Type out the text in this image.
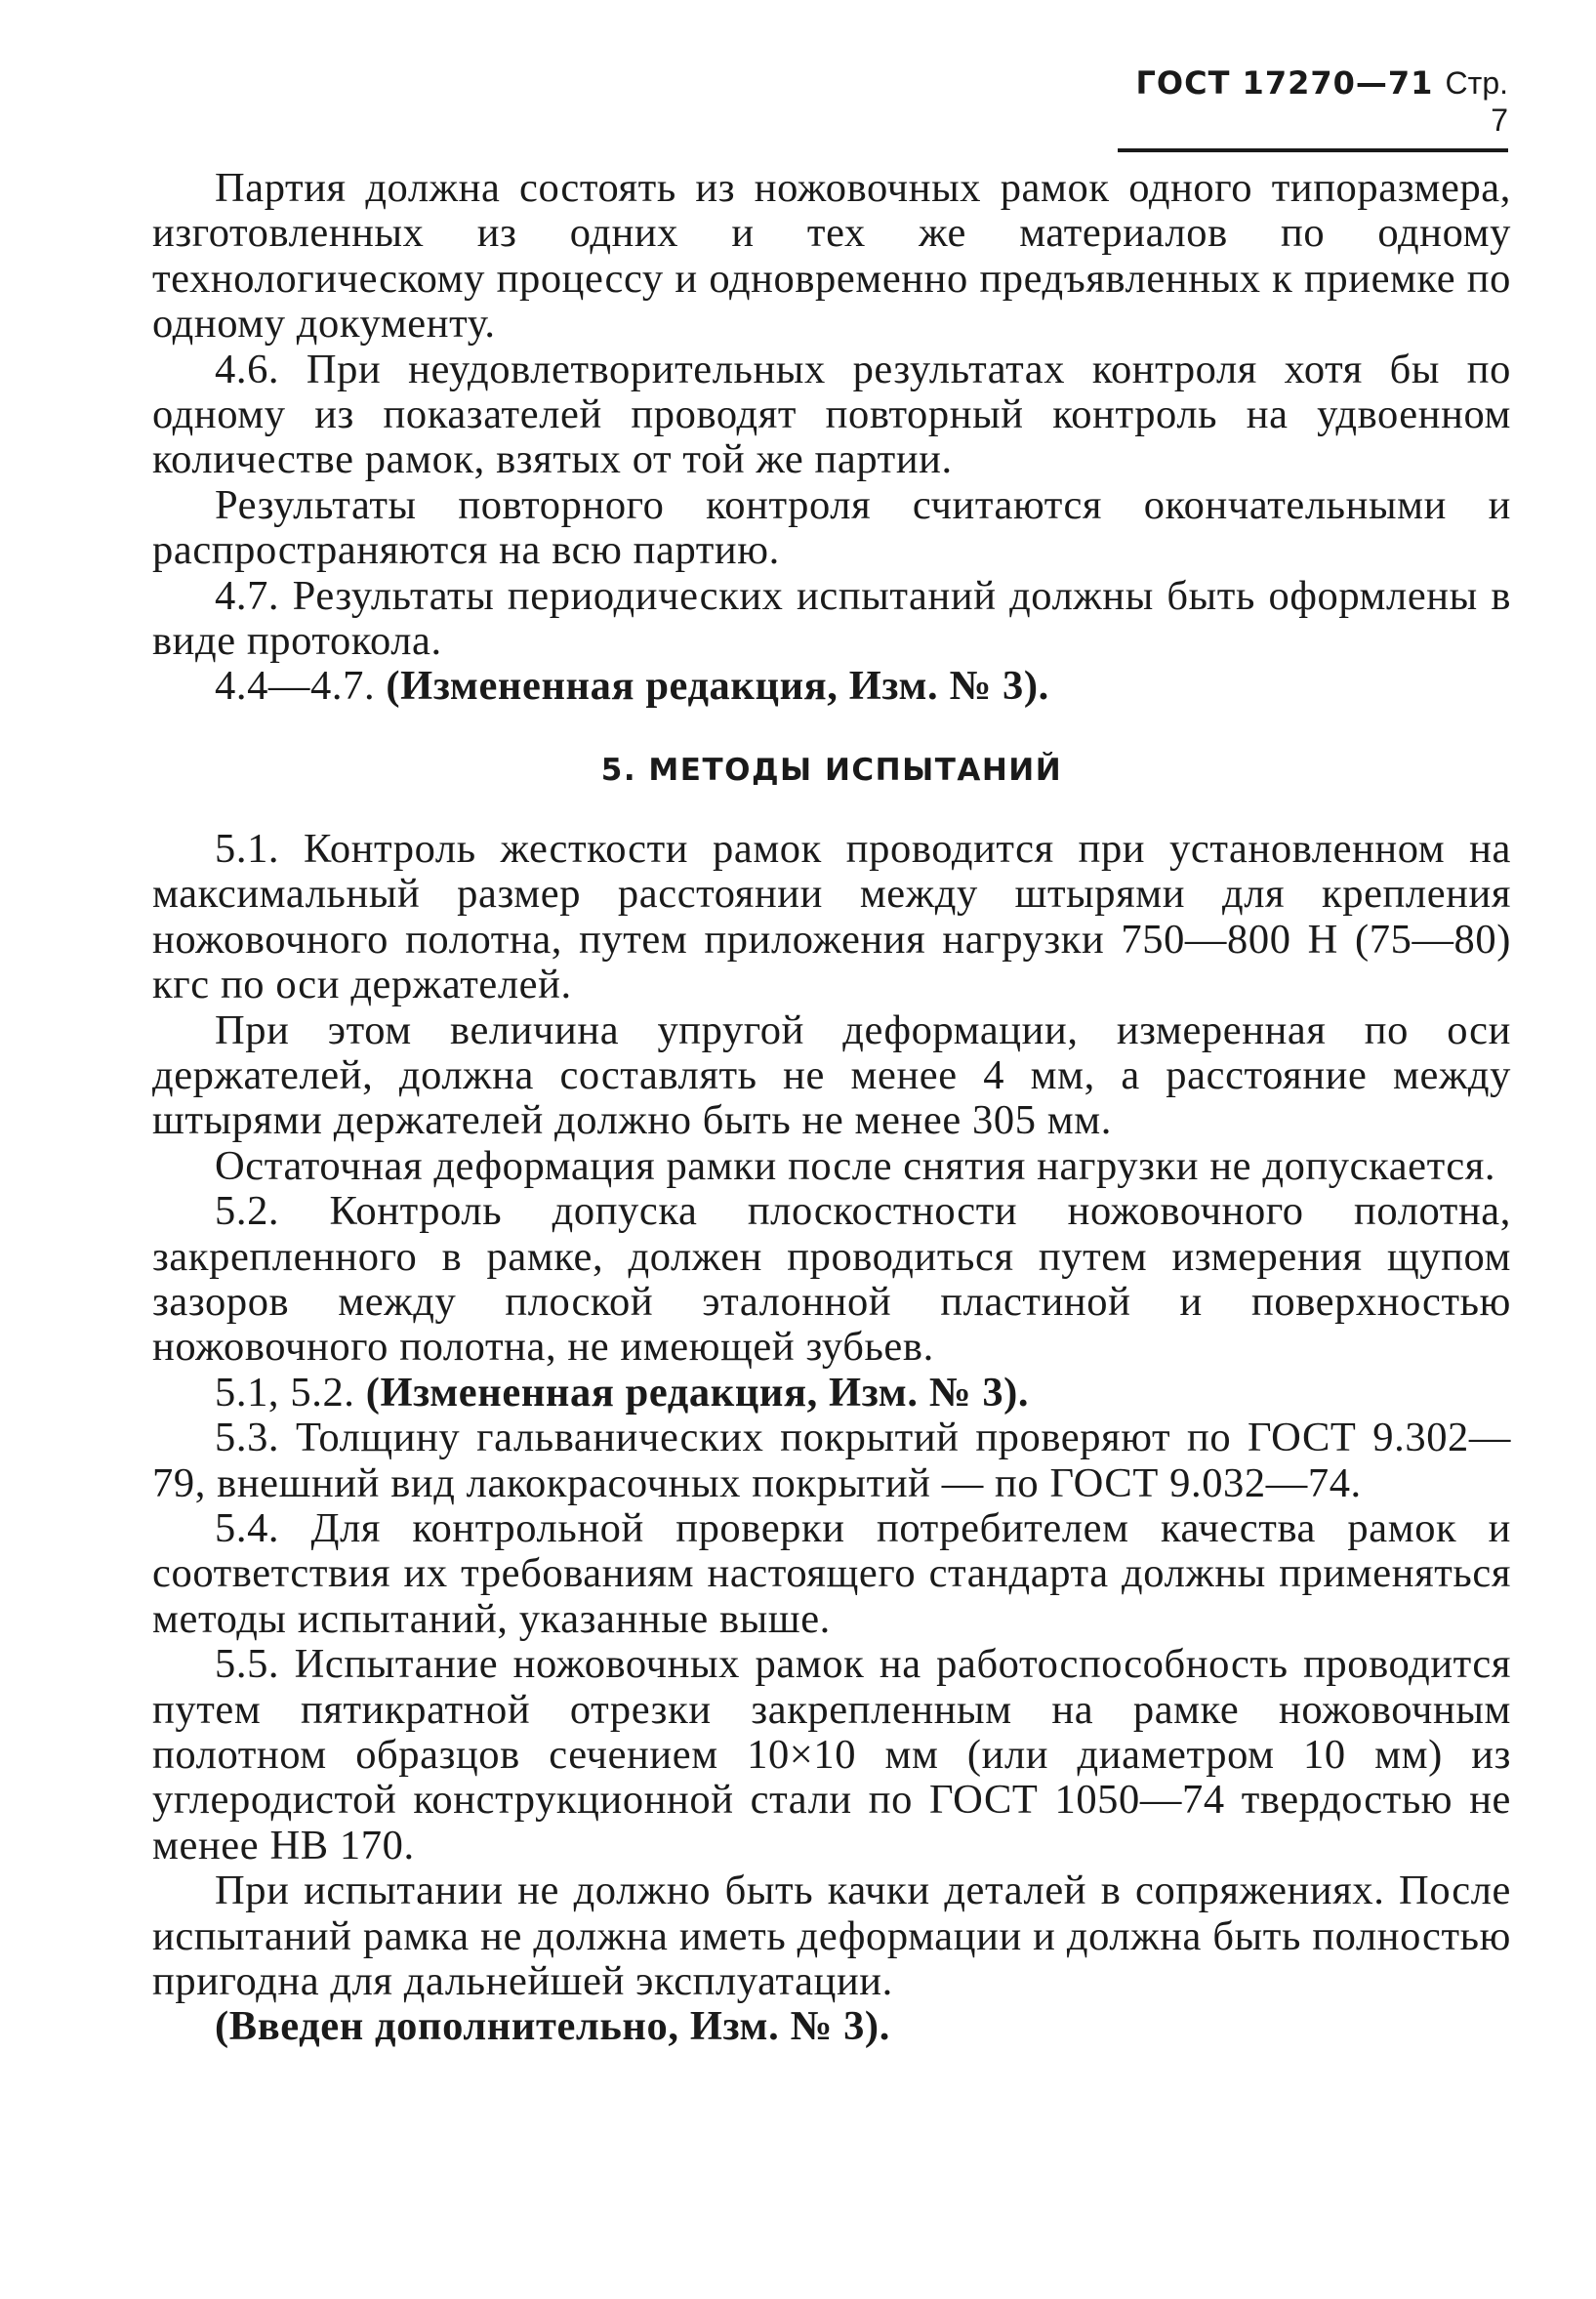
ГОСТ 17270—71 Стр. 7

Партия должна состоять из ножовочных рамок одного типоразмера, изготовленных из одних и тех же материалов по одному технологическому процессу и одновременно предъявленных к приемке по одному документу.

4.6. При неудовлетворительных результатах контроля хотя бы по одному из показателей проводят повторный контроль на удвоенном количестве рамок, взятых от той же партии.

Результаты повторного контроля считаются окончательными и распространяются на всю партию.

4.7. Результаты периодических испытаний должны быть оформлены в виде протокола.

4.4—4.7. (Измененная редакция, Изм. № 3).

5. МЕТОДЫ ИСПЫТАНИЙ

5.1. Контроль жесткости рамок проводится при установленном на максимальный размер расстоянии между штырями для крепления ножовочного полотна, путем приложения нагрузки 750—800 Н (75—80) кгс по оси держателей.

При этом величина упругой деформации, измеренная по оси держателей, должна составлять не менее 4 мм, а расстояние между штырями держателей должно быть не менее 305 мм.

Остаточная деформация рамки после снятия нагрузки не допускается.

5.2. Контроль допуска плоскостности ножовочного полотна, закрепленного в рамке, должен проводиться путем измерения щупом зазоров между плоской эталонной пластиной и поверхностью ножовочного полотна, не имеющей зубьев.

5.1, 5.2. (Измененная редакция, Изм. № 3).

5.3. Толщину гальванических покрытий проверяют по ГОСТ 9.302—79, внешний вид лакокрасочных покрытий — по ГОСТ 9.032—74.

5.4. Для контрольной проверки потребителем качества рамок и соответствия их требованиям настоящего стандарта должны применяться методы испытаний, указанные выше.

5.5. Испытание ножовочных рамок на работоспособность проводится путем пятикратной отрезки закрепленным на рамке ножовочным полотном образцов сечением 10×10 мм (или диаметром 10 мм) из углеродистой конструкционной стали по ГОСТ 1050—74 твердостью не менее НВ 170.

При испытании не должно быть качки деталей в сопряжениях. После испытаний рамка не должна иметь деформации и должна быть полностью пригодна для дальнейшей эксплуатации.

(Введен дополнительно, Изм. № 3).
